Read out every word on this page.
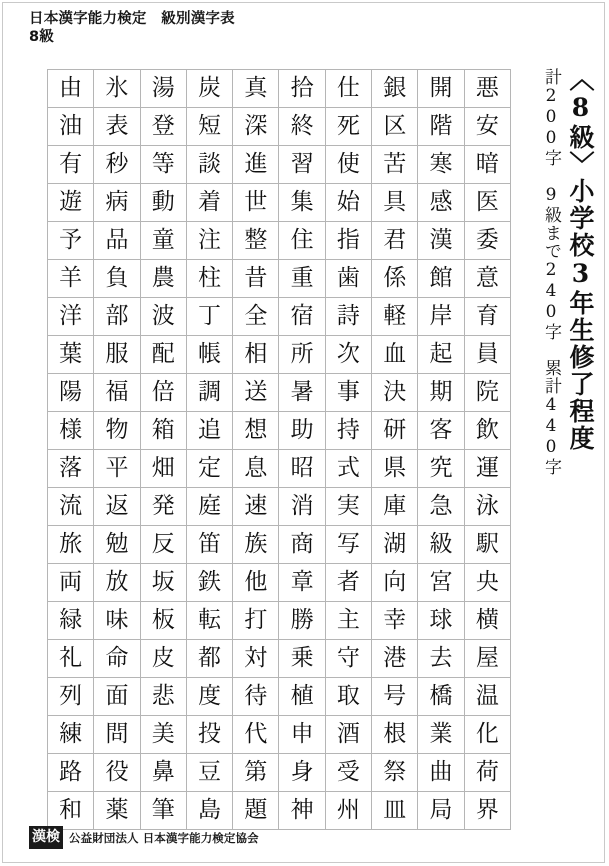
日本漢字能力検定　級別漢字表
8級
由	氷	湯	炭	真	拾	仕	銀	開	悪
油	表	登	短	深	終	死	区	階	安
有	秒	等	談	進	習	使	苦	寒	暗
遊	病	動	着	世	集	始	具	感	医
予	品	童	注	整	住	指	君	漢	委
羊	負	農	柱	昔	重	歯	係	館	意
洋	部	波	丁	全	宿	詩	軽	岸	育
葉	服	配	帳	相	所	次	血	起	員
陽	福	倍	調	送	暑	事	決	期	院
様	物	箱	追	想	助	持	研	客	飲
落	平	畑	定	息	昭	式	県	究	運
流	返	発	庭	速	消	実	庫	急	泳
旅	勉	反	笛	族	商	写	湖	級	駅
両	放	坂	鉄	他	章	者	向	宮	央
緑	味	板	転	打	勝	主	幸	球	横
礼	命	皮	都	対	乗	守	港	去	屋
列	面	悲	度	待	植	取	号	橋	温
練	問	美	投	代	申	酒	根	業	化
路	役	鼻	豆	第	身	受	祭	曲	荷
和	薬	筆	島	題	神	州	皿	局	界
〈8級〉小学校3年生修了程度
計200字　9級まで240字　累計440字
漢検 公益財団法人 日本漢字能力検定協会
